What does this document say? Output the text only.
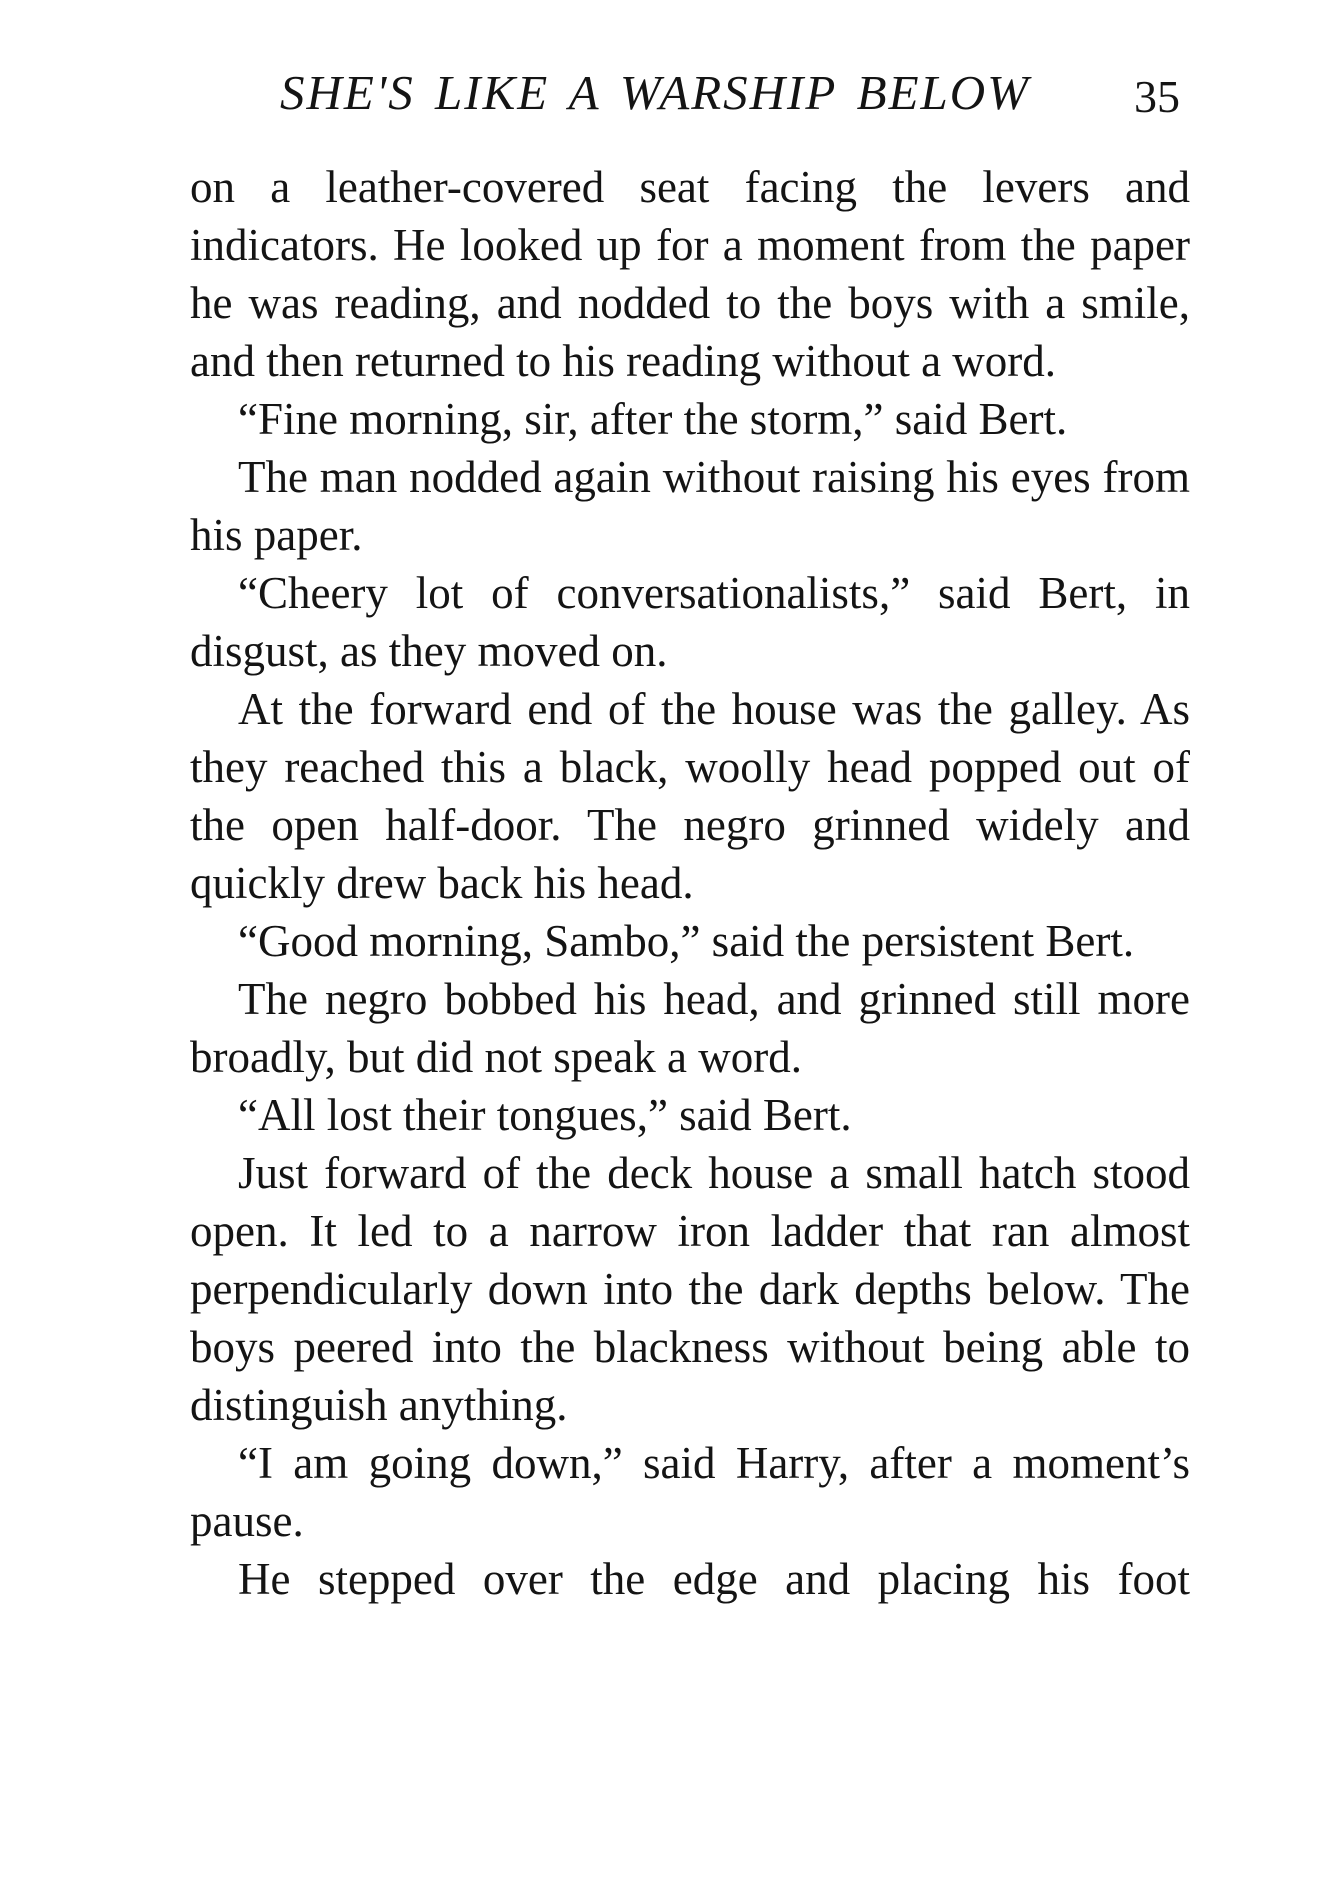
SHE'S LIKE A WARSHIP BELOW 35

on a leather-covered seat facing the levers and indicators. He looked up for a moment from the paper he was reading, and nodded to the boys with a smile, and then returned to his reading without a word.

“Fine morning, sir, after the storm,” said Bert.

The man nodded again without raising his eyes from his paper.

“Cheery lot of conversationalists,” said Bert, in disgust, as they moved on.

At the forward end of the house was the galley. As they reached this a black, woolly head popped out of the open half-door. The negro grinned widely and quickly drew back his head.

“Good morning, Sambo,” said the persistent Bert.

The negro bobbed his head, and grinned still more broadly, but did not speak a word.

“All lost their tongues,” said Bert.

Just forward of the deck house a small hatch stood open. It led to a narrow iron ladder that ran almost perpendicularly down into the dark depths below. The boys peered into the blackness without being able to distinguish anything.

“I am going down,” said Harry, after a moment’s pause.

He stepped over the edge and placing his foot
